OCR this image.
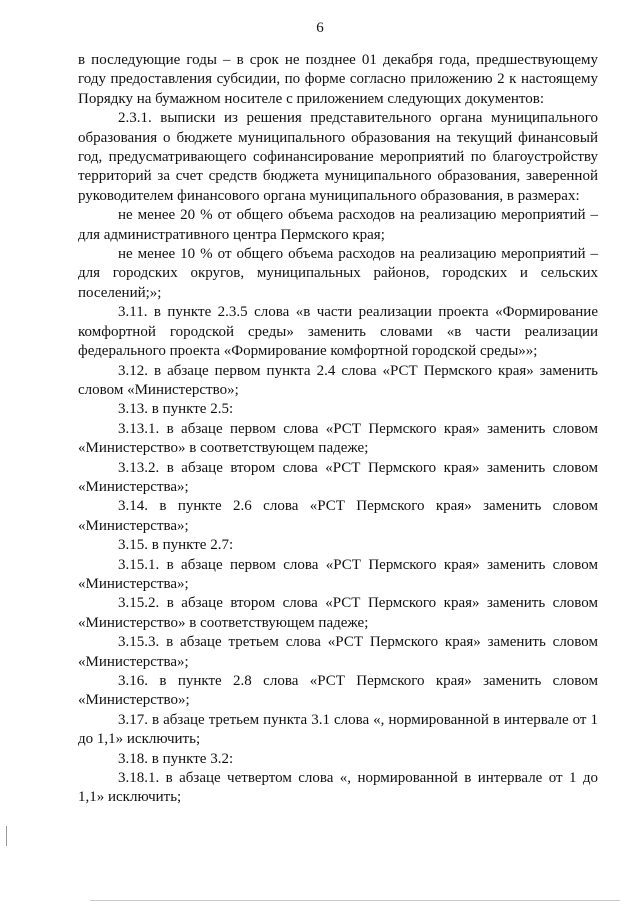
6

в последующие годы – в срок не позднее 01 декабря года, предшествующему году предоставления субсидии, по форме согласно приложению 2 к настоящему Порядку на бумажном носителе с приложением следующих документов:

2.3.1. выписки из решения представительного органа муниципального образования о бюджете муниципального образования на текущий финансовый год, предусматривающего софинансирование мероприятий по благоустройству территорий за счет средств бюджета муниципального образования, заверенной руководителем финансового органа муниципального образования, в размерах:

не менее 20 % от общего объема расходов на реализацию мероприятий – для административного центра Пермского края;

не менее 10 % от общего объема расходов на реализацию мероприятий – для городских округов, муниципальных районов, городских и сельских поселений;»;

3.11. в пункте 2.3.5 слова «в части реализации проекта «Формирование комфортной городской среды» заменить словами «в части реализации федерального проекта «Формирование комфортной городской среды»»;

3.12. в абзаце первом пункта 2.4 слова «РСТ Пермского края» заменить словом «Министерство»;

3.13. в пункте 2.5:

3.13.1. в абзаце первом слова «РСТ Пермского края» заменить словом «Министерство» в соответствующем падеже;

3.13.2. в абзаце втором слова «РСТ Пермского края» заменить словом «Министерства»;

3.14. в пункте 2.6 слова «РСТ Пермского края» заменить словом «Министерства»;

3.15. в пункте 2.7:

3.15.1. в абзаце первом слова «РСТ Пермского края» заменить словом «Министерства»;

3.15.2. в абзаце втором слова «РСТ Пермского края» заменить словом «Министерство» в соответствующем падеже;

3.15.3. в абзаце третьем слова «РСТ Пермского края» заменить словом «Министерства»;

3.16. в пункте 2.8 слова «РСТ Пермского края» заменить словом «Министерство»;

3.17. в абзаце третьем пункта 3.1 слова «, нормированной в интервале от 1 до 1,1» исключить;

3.18. в пункте 3.2:

3.18.1. в абзаце четвертом слова «, нормированной в интервале от 1 до 1,1» исключить;
